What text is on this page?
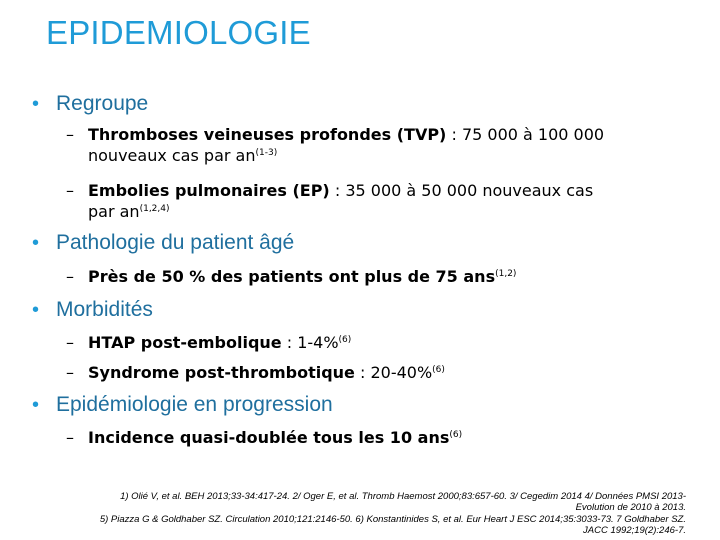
EPIDEMIOLOGIE
• Regroupe
– Thromboses veineuses profondes (TVP) : 75 000 à 100 000 nouveaux cas par $an^{(1-3)}$
– Embolies pulmonaires (EP) : 35 000 à 50 000 nouveaux cas par an$^{(1,2,4)}$
• Pathologie du patient âgé
– Près de 50 % des patients ont plus de 75 ans$^{(1,2)}$
• Morbidités
– HTAP post-embolique : 1-4%$^{(6)}$
– Syndrome post-thrombotique : 20-40%$^{(6)}$
• Epidémiologie en progression
– Incidence quasi-doublée tous les 10 ans$^{(6)}$
1) Olié V, et al. BEH 2013;33-34:417-24. 2/ Oger E, et al. Thromb Haemost 2000;83:657-60. 3/ Cegedim 2014 4/ Données PMSI 2013-
Evolution de 2010 à 2013.
5) Piazza G & Goldhaber SZ. Circulation 2010;121:2146-50. 6) Konstantinides S, et al. Eur Heart J ESC 2014;35:3033-73. 7 Goldhaber SZ.
JACC 1992;19(2):246-7.
